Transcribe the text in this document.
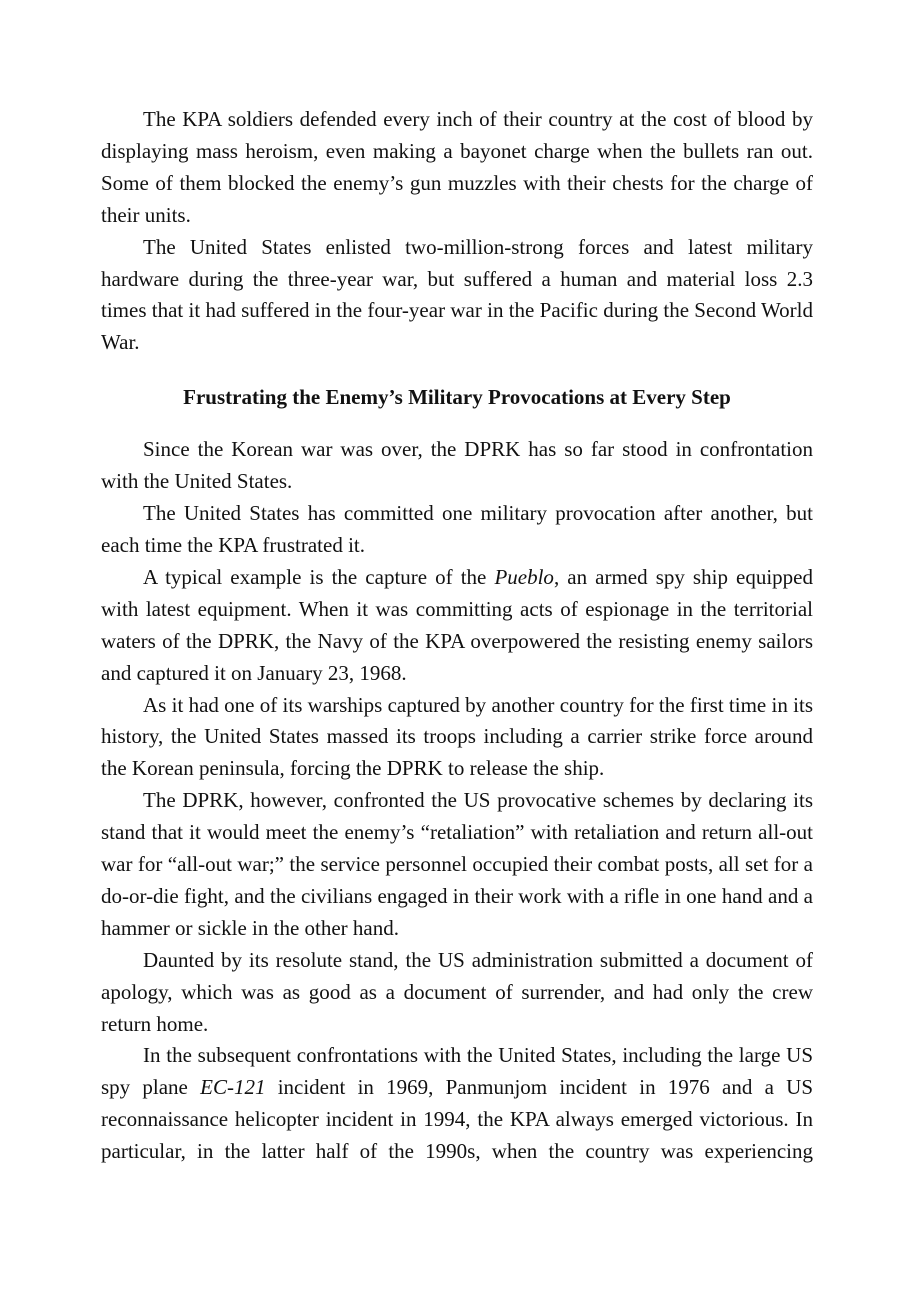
The KPA soldiers defended every inch of their country at the cost of blood by displaying mass heroism, even making a bayonet charge when the bullets ran out. Some of them blocked the enemy’s gun muzzles with their chests for the charge of their units.

The United States enlisted two-million-strong forces and latest military hardware during the three-year war, but suffered a human and material loss 2.3 times that it had suffered in the four-year war in the Pacific during the Second World War.

Frustrating the Enemy’s Military Provocations at Every Step

Since the Korean war was over, the DPRK has so far stood in confrontation with the United States.

The United States has committed one military provocation after another, but each time the KPA frustrated it.

A typical example is the capture of the Pueblo, an armed spy ship equipped with latest equipment. When it was committing acts of espionage in the territorial waters of the DPRK, the Navy of the KPA overpowered the resisting enemy sailors and captured it on January 23, 1968.

As it had one of its warships captured by another country for the first time in its history, the United States massed its troops including a carrier strike force around the Korean peninsula, forcing the DPRK to release the ship.

The DPRK, however, confronted the US provocative schemes by declaring its stand that it would meet the enemy’s “retaliation” with retaliation and return all-out war for “all-out war;” the service personnel occupied their combat posts, all set for a do-or-die fight, and the civilians engaged in their work with a rifle in one hand and a hammer or sickle in the other hand.

Daunted by its resolute stand, the US administration submitted a document of apology, which was as good as a document of surrender, and had only the crew return home.

In the subsequent confrontations with the United States, including the large US spy plane EC-121 incident in 1969, Panmunjom incident in 1976 and a US reconnaissance helicopter incident in 1994, the KPA always emerged victorious. In particular, in the latter half of the 1990s, when the country was experiencing
